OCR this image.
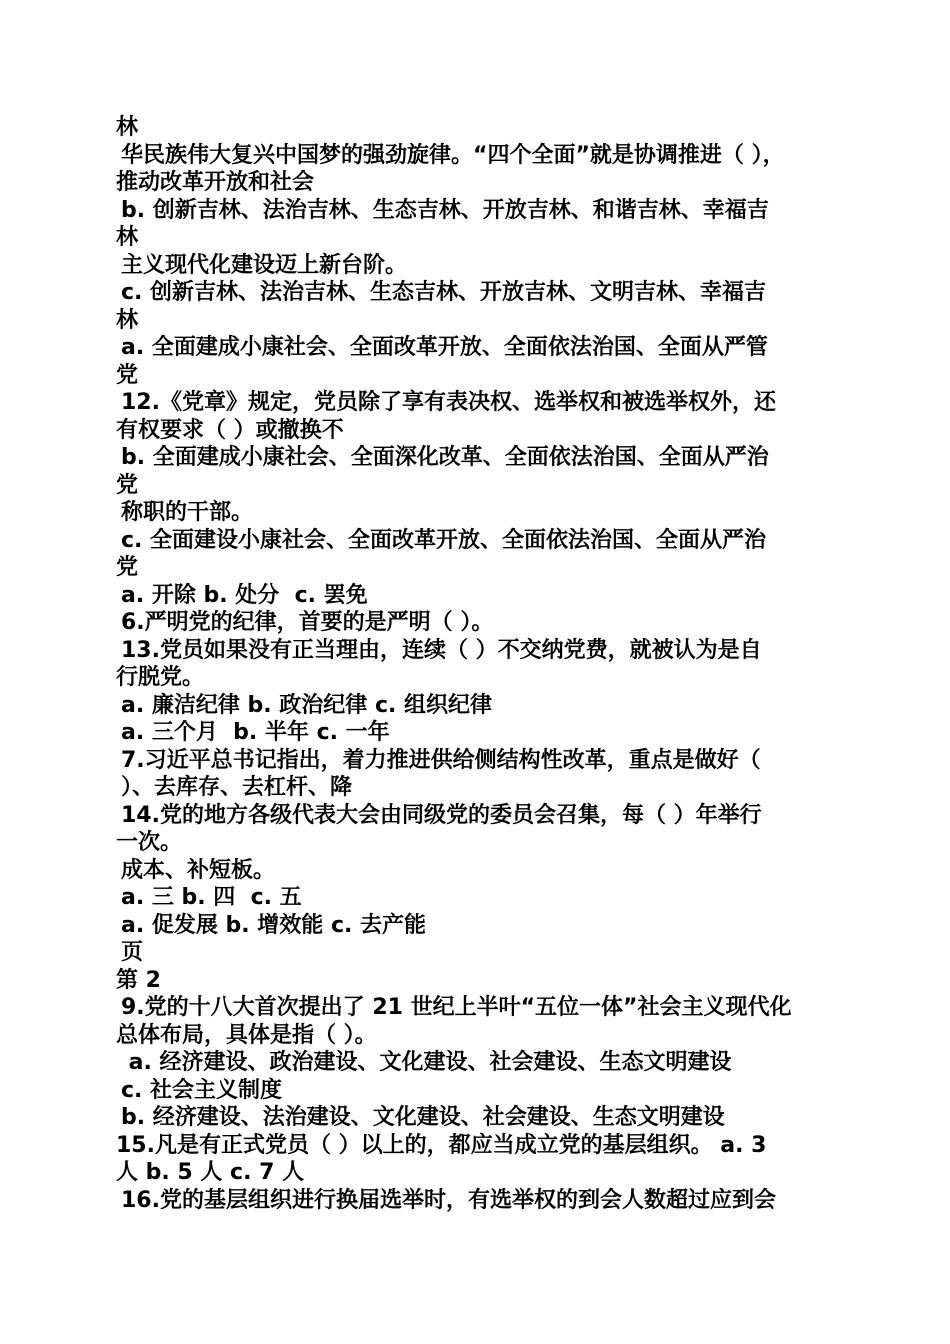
林
华民族伟大复兴中国梦的强劲旋律。“四个全面”就是协调推进（ ），
推动改革开放和社会
b. 创新吉林、法治吉林、生态吉林、开放吉林、和谐吉林、幸福吉
林
主义现代化建设迈上新台阶。
c. 创新吉林、法治吉林、生态吉林、开放吉林、文明吉林、幸福吉
林
a. 全面建成小康社会、全面改革开放、全面依法治国、全面从严管
党
12.《党章》规定，党员除了享有表决权、选举权和被选举权外，还
有权要求（ ）或撤换不
b. 全面建成小康社会、全面深化改革、全面依法治国、全面从严治
党
称职的干部。
c. 全面建设小康社会、全面改革开放、全面依法治国、全面从严治
党
a. 开除 b. 处分  c. 罢免
6.严明党的纪律，首要的是严明（ ）。
13.党员如果没有正当理由，连续（ ）不交纳党费，就被认为是自
行脱党。
a. 廉洁纪律 b. 政治纪律 c. 组织纪律
a. 三个月  b. 半年 c. 一年
7.习近平总书记指出，着力推进供给侧结构性改革，重点是做好（
）、去库存、去杠杆、降
14.党的地方各级代表大会由同级党的委员会召集，每（ ）年举行
一次。
成本、补短板。
a. 三 b. 四  c. 五
a. 促发展 b. 增效能 c. 去产能
页
第 2
9.党的十八大首次提出了 21 世纪上半叶“五位一体”社会主义现代化
总体布局，具体是指（ ）。
a. 经济建设、政治建设、文化建设、社会建设、生态文明建设
c. 社会主义制度
b. 经济建设、法治建设、文化建设、社会建设、生态文明建设
15.凡是有正式党员（ ）以上的，都应当成立党的基层组织。 a. 3
人 b. 5 人 c. 7 人
16.党的基层组织进行换届选举时，有选举权的到会人数超过应到会
